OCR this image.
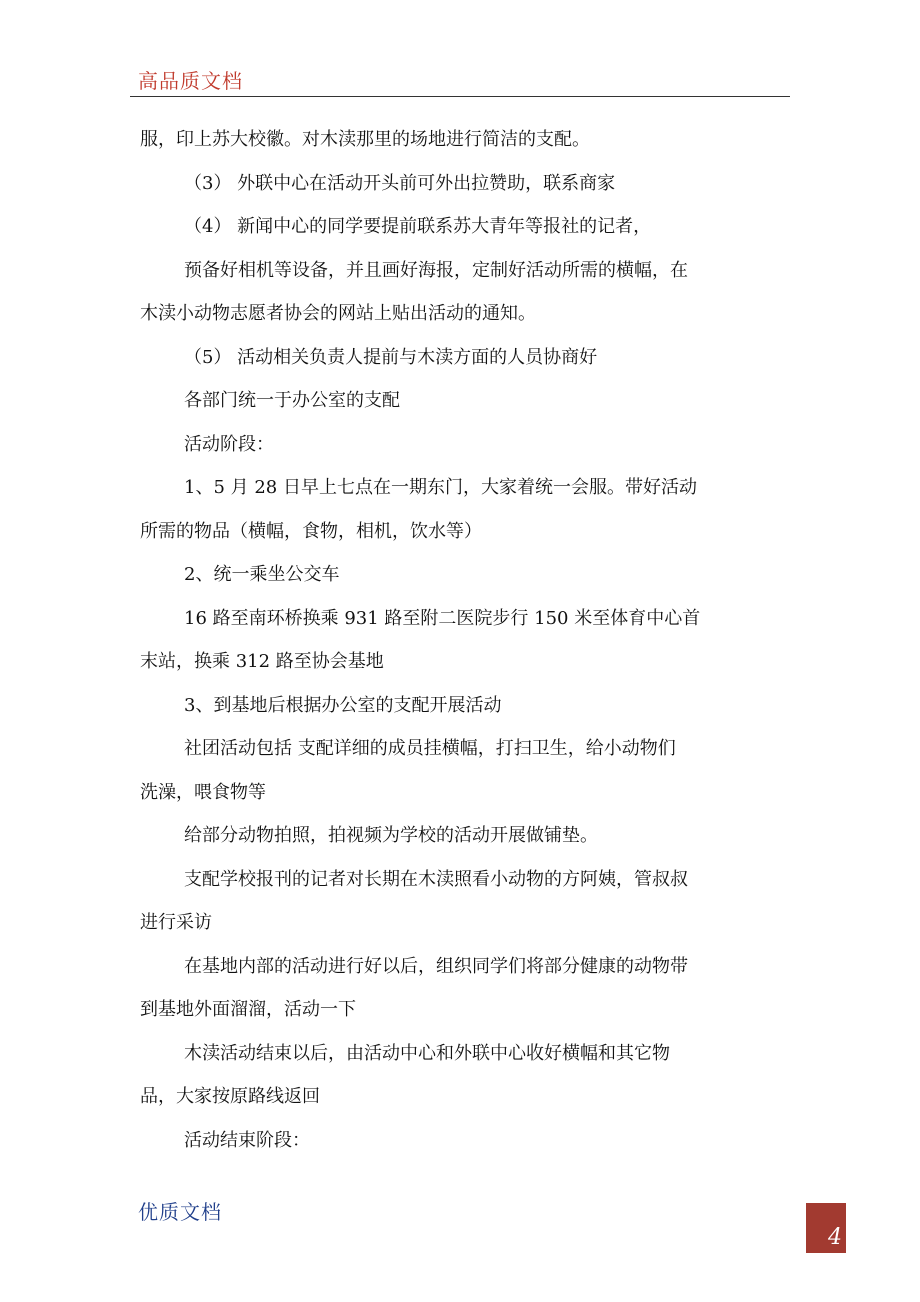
高品质文档
服，印上苏大校徽。对木渎那里的场地进行简洁的支配。
（3） 外联中心在活动开头前可外出拉赞助，联系商家
（4） 新闻中心的同学要提前联系苏大青年等报社的记者，
预备好相机等设备，并且画好海报，定制好活动所需的横幅，在
木渎小动物志愿者协会的网站上贴出活动的通知。
（5） 活动相关负责人提前与木渎方面的人员协商好
各部门统一于办公室的支配
活动阶段：
1、5 月 28 日早上七点在一期东门，大家着统一会服。带好活动
所需的物品（横幅，食物，相机，饮水等）
2、统一乘坐公交车
16 路至南环桥换乘 931 路至附二医院步行 150 米至体育中心首
末站，换乘 312 路至协会基地
3、到基地后根据办公室的支配开展活动
社团活动包括 支配详细的成员挂横幅，打扫卫生，给小动物们
洗澡，喂食物等
给部分动物拍照，拍视频为学校的活动开展做铺垫。
支配学校报刊的记者对长期在木渎照看小动物的方阿姨，管叔叔
进行采访
在基地内部的活动进行好以后，组织同学们将部分健康的动物带
到基地外面溜溜，活动一下
木渎活动结束以后，由活动中心和外联中心收好横幅和其它物
品，大家按原路线返回
活动结束阶段：
优质文档
4
